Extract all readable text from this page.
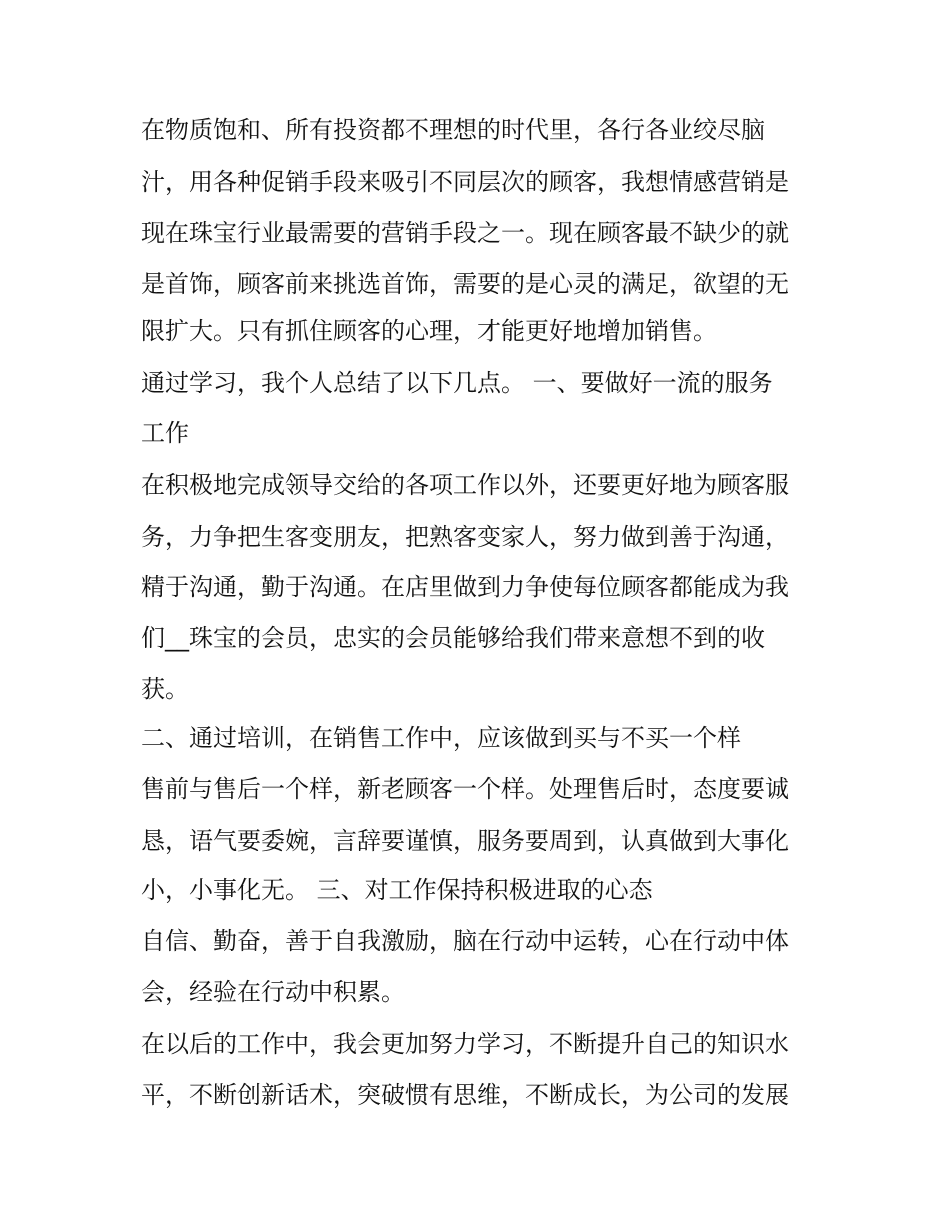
在物质饱和、所有投资都不理想的时代里，各行各业绞尽脑
汁，用各种促销手段来吸引不同层次的顾客，我想情感营销是
现在珠宝行业最需要的营销手段之一。现在顾客最不缺少的就
是首饰，顾客前来挑选首饰，需要的是心灵的满足，欲望的无
限扩大。只有抓住顾客的心理，才能更好地增加销售。
通过学习，我个人总结了以下几点。 一、要做好一流的服务
工作
在积极地完成领导交给的各项工作以外，还要更好地为顾客服
务，力争把生客变朋友，把熟客变家人，努力做到善于沟通，
精于沟通，勤于沟通。在店里做到力争使每位顾客都能成为我
们__珠宝的会员，忠实的会员能够给我们带来意想不到的收
获。
二、通过培训，在销售工作中，应该做到买与不买一个样
售前与售后一个样，新老顾客一个样。处理售后时，态度要诚
恳，语气要委婉，言辞要谨慎，服务要周到，认真做到大事化
小，小事化无。 三、对工作保持积极进取的心态
自信、勤奋，善于自我激励，脑在行动中运转，心在行动中体
会，经验在行动中积累。
在以后的工作中，我会更加努力学习，不断提升自己的知识水
平，不断创新话术，突破惯有思维，不断成长，为公司的发展
